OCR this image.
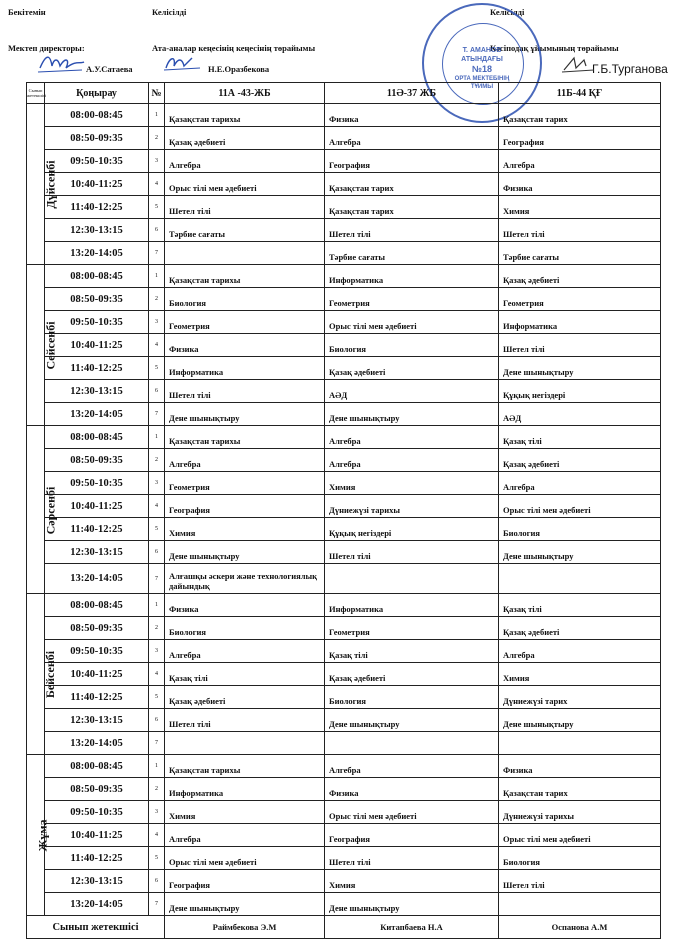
Бекітемін
Мектеп директоры:
А.У.Сатаева
Келісілді
Ата-аналар кеңесінің кеңесінің төрайымы
Н.Е.Оразбекова
Келісілді
Кәсіподақ ұйымының төрайымы
Г.Б.Турганова
Т. АМАНОВ
АТЫНДАҒЫ
№18
ОРТА МЕКТЕБІНІҢ
ТҰЙМЫ
Сынып жетекшісі	Қоңырау	№	11А -43-ЖБ	11Ә-37 ЖБ	11Б-44 ҚҒ
Дүйсенбі	08:00-08:45	1	Қазақстан тарихы	Физика	Қазақстан тарих
	08:50-09:35	2	Қазақ әдебиеті	Алгебра	География
	09:50-10:35	3	Алгебра	География	Алгебра
	10:40-11:25	4	Орыс тілі мен әдебиеті	Қазақстан тарих	Физика
	11:40-12:25	5	Шетел тілі	Қазақстан тарих	Химия
	12:30-13:15	6	Тәрбие сағаты	Шетел тілі	Шетел тілі
	13:20-14:05	7		Тәрбие сағаты	Тәрбие сағаты
Сейсенбі	08:00-08:45	1	Қазақстан тарихы	Информатика	Қазақ әдебиеті
	08:50-09:35	2	Биология	Геометрия	Геометрия
	09:50-10:35	3	Геометрия	Орыс тілі мен әдебиеті	Информатика
	10:40-11:25	4	Физика	Биология	Шетел тілі
	11:40-12:25	5	Информатика	Қазақ әдебиеті	Дене шынықтыру
	12:30-13:15	6	Шетел тілі	АӘД	Құқық негіздері
	13:20-14:05	7	Дене шынықтыру	Дене шынықтыру	АӘД
Сәрсенбі	08:00-08:45	1	Қазақстан тарихы	Алгебра	Қазақ тілі
	08:50-09:35	2	Алгебра	Алгебра	Қазақ әдебиеті
	09:50-10:35	3	Геометрия	Химия	Алгебра
	10:40-11:25	4	География	Дүниежүзі тарихы	Орыс тілі мен әдебиеті
	11:40-12:25	5	Химия	Құқық негіздері	Биология
	12:30-13:15	6	Дене шынықтыру	Шетел тілі	Дене шынықтыру
	13:20-14:05	7	Алғашқы әскери және технологиялық дайындық		
Бейсенбі	08:00-08:45	1	Физика	Информатика	Қазақ тілі
	08:50-09:35	2	Биология	Геометрия	Қазақ әдебиеті
	09:50-10:35	3	Алгебра	Қазақ тілі	Алгебра
	10:40-11:25	4	Қазақ тілі	Қазақ әдебиеті	Химия
	11:40-12:25	5	Қазақ әдебиеті	Биология	Дүниежүзі тарих
	12:30-13:15	6	Шетел тілі	Дене шынықтыру	Дене шынықтыру
	13:20-14:05	7			
Жұма	08:00-08:45	1	Қазақстан тарихы	Алгебра	Физика
	08:50-09:35	2	Информатика	Физика	Қазақстан тарих
	09:50-10:35	3	Химия	Орыс тілі мен әдебиеті	Дүниежүзі тарихы
	10:40-11:25	4	Алгебра	География	Орыс тілі мен әдебиеті
	11:40-12:25	5	Орыс тілі мен әдебиеті	Шетел тілі	Биология
	12:30-13:15	6	География	Химия	Шетел тілі
	13:20-14:05	7	Дене шынықтыру	Дене шынықтыру	
Сынып жетекшісі			Раймбекова Э.М	Китапбаева Н.А	Оспанова А.М
